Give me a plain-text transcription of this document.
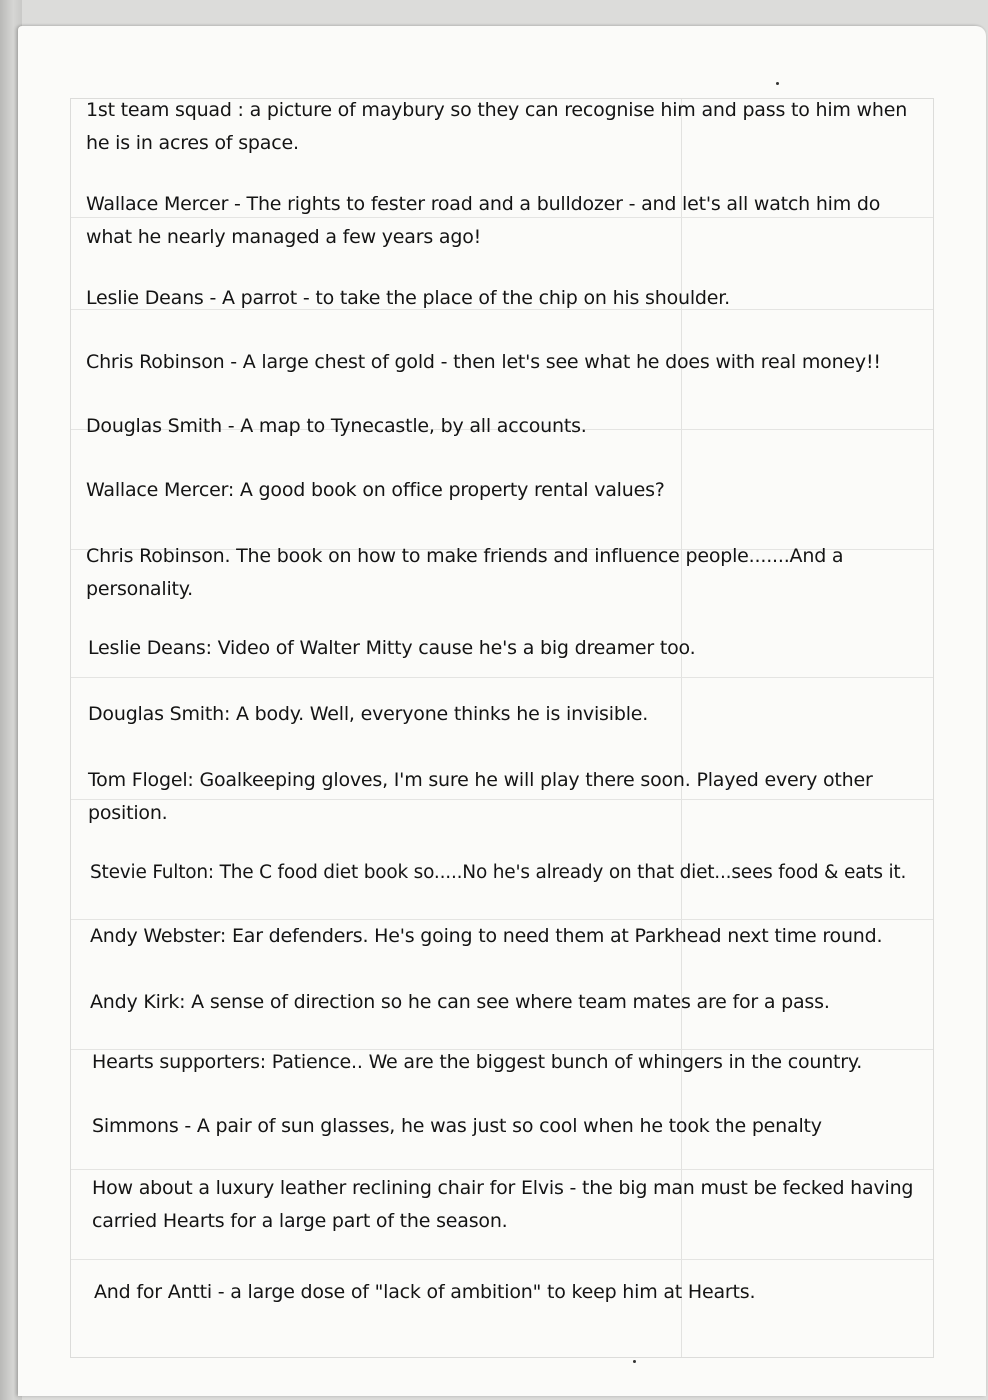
1st team squad : a picture of maybury so they can recognise him and pass to him when
he is in acres of space.

Wallace Mercer - The rights to fester road and a bulldozer - and let's all watch him do
what he nearly managed a few years ago!

Leslie Deans - A parrot - to take the place of the chip on his shoulder.

Chris Robinson - A large chest of gold - then let's see what he does with real money!!

Douglas Smith - A map to Tynecastle, by all accounts.

Wallace Mercer: A good book on office property rental values?

Chris Robinson. The book on how to make friends and influence people.......And a
personality.

Leslie Deans: Video of Walter Mitty cause he's a big dreamer too.

Douglas Smith: A body. Well, everyone thinks he is invisible.

Tom Flogel: Goalkeeping gloves, I'm sure he will play there soon. Played every other
position.

Stevie Fulton: The C food diet book so.....No he's already on that diet...sees food & eats it.

Andy Webster: Ear defenders. He's going to need them at Parkhead next time round.

Andy Kirk: A sense of direction so he can see where team mates are for a pass.

Hearts supporters: Patience.. We are the biggest bunch of whingers in the country.

Simmons - A pair of sun glasses, he was just so cool when he took the penalty

How about a luxury leather reclining chair for Elvis - the big man must be fecked having
carried Hearts for a large part of the season.

And for Antti - a large dose of "lack of ambition" to keep him at Hearts.
